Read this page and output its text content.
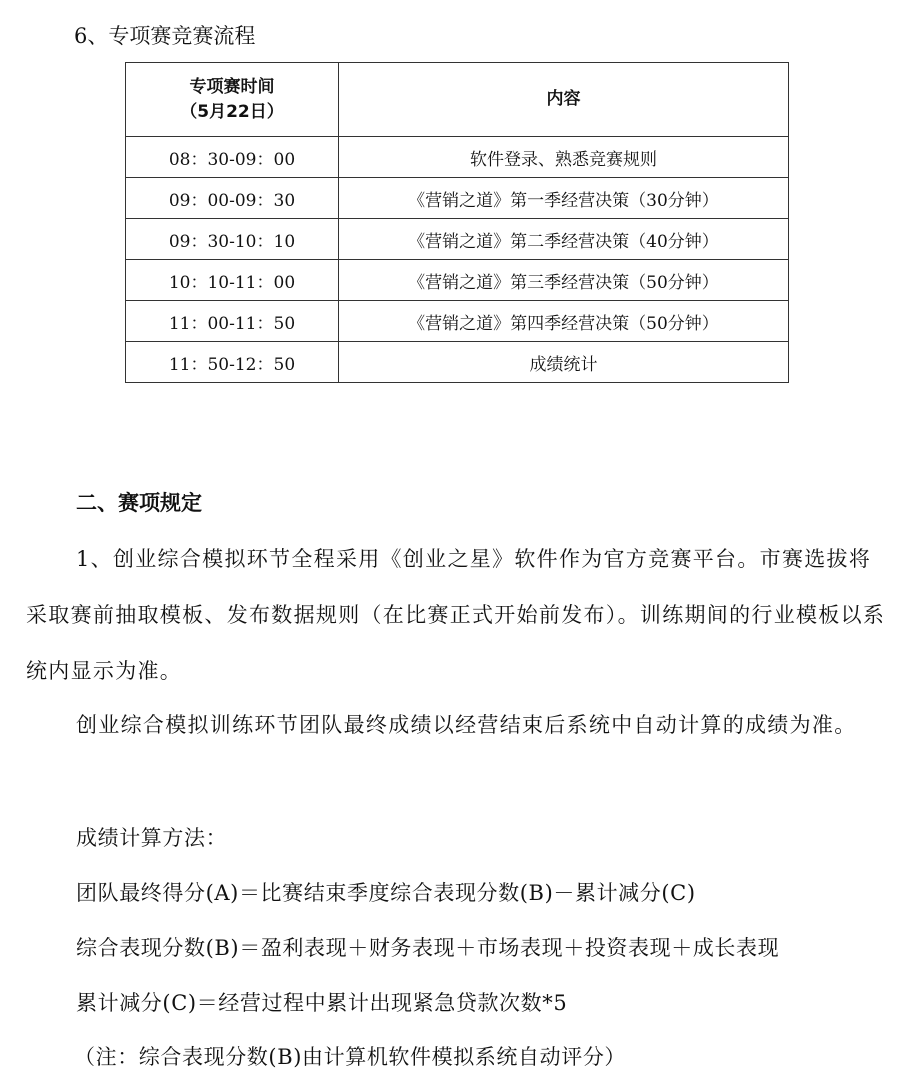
6、专项赛竞赛流程
专项赛时间
（5月22日）	内容
08：30-09：00	软件登录、熟悉竞赛规则
09：00-09：30	《营销之道》第一季经营决策（30分钟）
09：30-10：10	《营销之道》第二季经营决策（40分钟）
10：10-11：00	《营销之道》第三季经营决策（50分钟）
11：00-11：50	《营销之道》第四季经营决策（50分钟）
11：50-12：50	成绩统计
二、赛项规定
1、创业综合模拟环节全程采用《创业之星》软件作为官方竞赛平台。市赛选拔将采取赛前抽取模板、发布数据规则（在比赛正式开始前发布）。训练期间的行业模板以系统内显示为准。
创业综合模拟训练环节团队最终成绩以经营结束后系统中自动计算的成绩为准。
成绩计算方法：
团队最终得分(A)＝比赛结束季度综合表现分数(B)－累计减分(C)
综合表现分数(B)＝盈利表现＋财务表现＋市场表现＋投资表现＋成长表现
累计减分(C)＝经营过程中累计出现紧急贷款次数*5
（注：综合表现分数(B)由计算机软件模拟系统自动评分）
